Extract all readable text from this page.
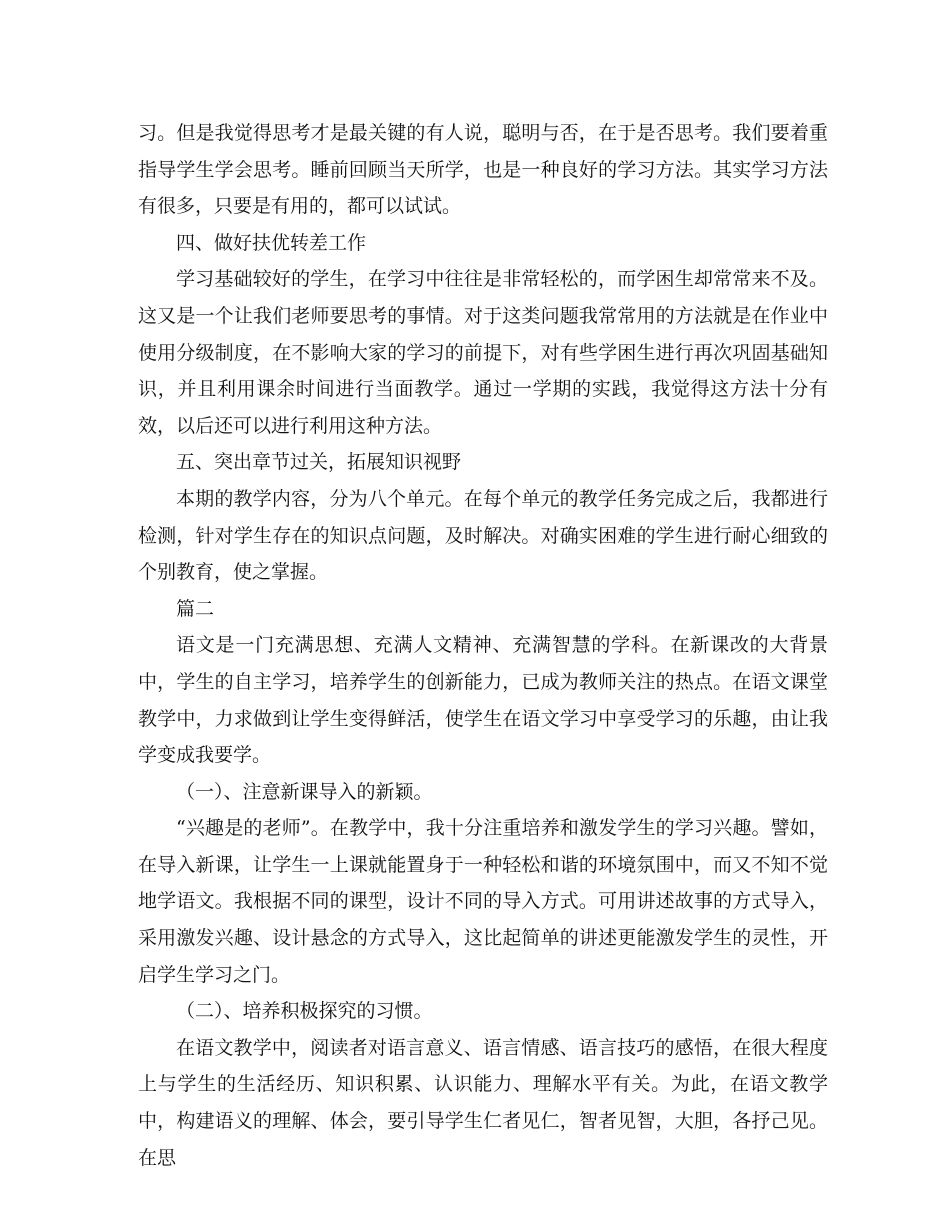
习。但是我觉得思考才是最关键的有人说，聪明与否，在于是否思考。我们要着重指导学生学会思考。睡前回顾当天所学，也是一种良好的学习方法。其实学习方法有很多，只要是有用的，都可以试试。

四、做好扶优转差工作

学习基础较好的学生，在学习中往往是非常轻松的，而学困生却常常来不及。这又是一个让我们老师要思考的事情。对于这类问题我常常用的方法就是在作业中使用分级制度，在不影响大家的学习的前提下，对有些学困生进行再次巩固基础知识，并且利用课余时间进行当面教学。通过一学期的实践，我觉得这方法十分有效，以后还可以进行利用这种方法。

五、突出章节过关，拓展知识视野

本期的教学内容，分为八个单元。在每个单元的教学任务完成之后，我都进行检测，针对学生存在的知识点问题，及时解决。对确实困难的学生进行耐心细致的个别教育，使之掌握。

篇二

语文是一门充满思想、充满人文精神、充满智慧的学科。在新课改的大背景中，学生的自主学习，培养学生的创新能力，已成为教师关注的热点。在语文课堂教学中，力求做到让学生变得鲜活，使学生在语文学习中享受学习的乐趣，由让我学变成我要学。

（一）、注意新课导入的新颖。

“兴趣是的老师”。在教学中，我十分注重培养和激发学生的学习兴趣。譬如，在导入新课，让学生一上课就能置身于一种轻松和谐的环境氛围中，而又不知不觉地学语文。我根据不同的课型，设计不同的导入方式。可用讲述故事的方式导入，采用激发兴趣、设计悬念的方式导入，这比起简单的讲述更能激发学生的灵性，开启学生学习之门。

（二）、培养积极探究的习惯。

在语文教学中，阅读者对语言意义、语言情感、语言技巧的感悟，在很大程度上与学生的生活经历、知识积累、认识能力、理解水平有关。为此，在语文教学中，构建语义的理解、体会，要引导学生仁者见仁，智者见智，大胆，各抒己见。在思
